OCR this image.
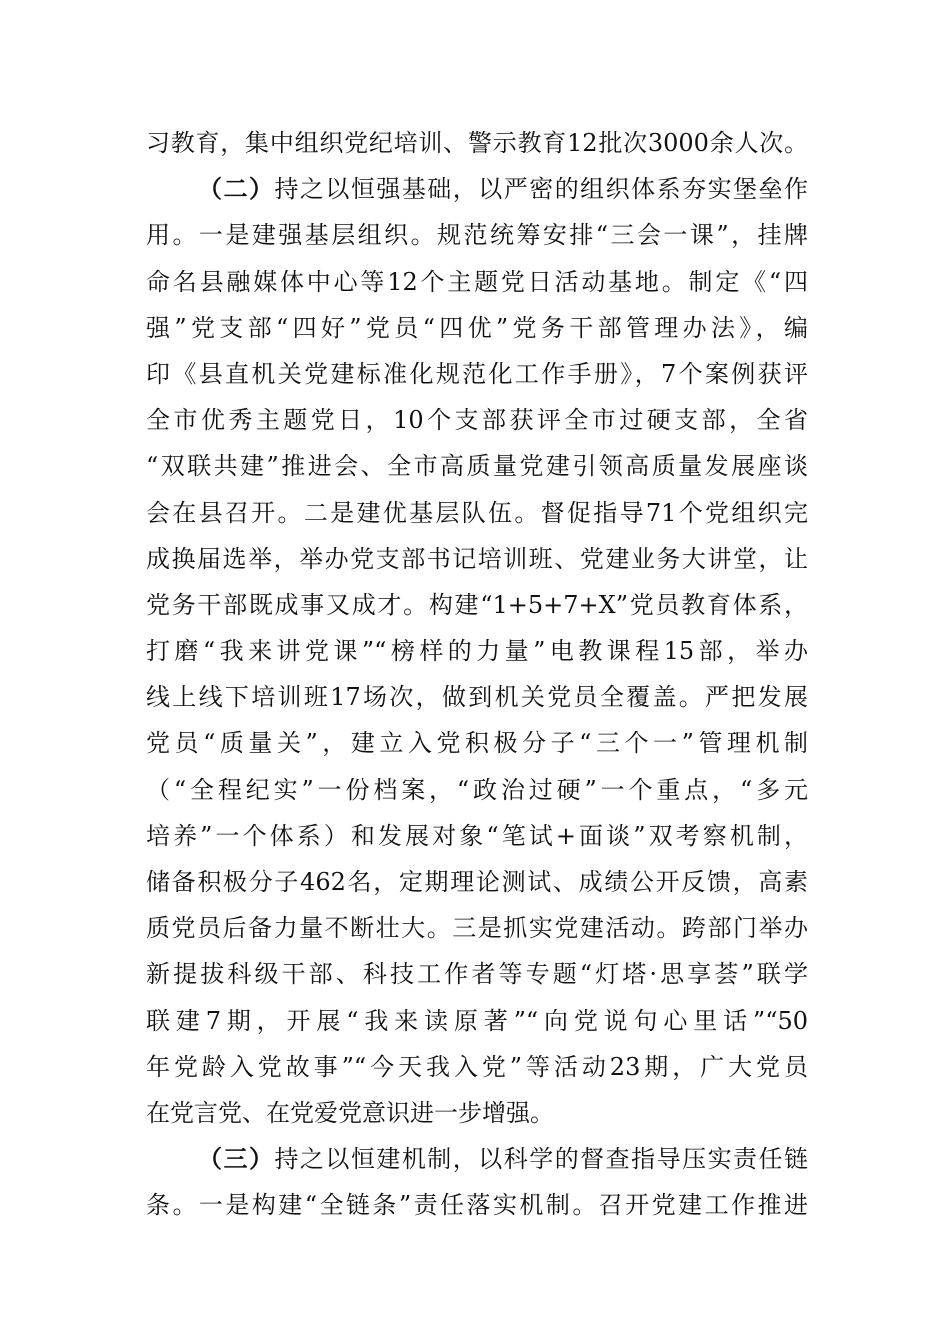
习教育，集中组织党纪培训、警示教育12批次3000余人次。
（二）持之以恒强基础，以严密的组织体系夯实堡垒作
用。一是建强基层组织。规范统筹安排“三会一课”，挂牌
命名县融媒体中心等12个主题党日活动基地。制定《“四
强”党支部“四好”党员“四优”党务干部管理办法》，编
印《县直机关党建标准化规范化工作手册》，7个案例获评
全市优秀主题党日，10个支部获评全市过硬支部，全省
“双联共建”推进会、全市高质量党建引领高质量发展座谈
会在县召开。二是建优基层队伍。督促指导71个党组织完
成换届选举，举办党支部书记培训班、党建业务大讲堂，让
党务干部既成事又成才。构建“1+5+7+X”党员教育体系，
打磨“我来讲党课”“榜样的力量”电教课程15部，举办
线上线下培训班17场次，做到机关党员全覆盖。严把发展
党员“质量关”，建立入党积极分子“三个一”管理机制
（“全程纪实”一份档案，“政治过硬”一个重点，“多元
培养”一个体系）和发展对象“笔试+面谈”双考察机制，
储备积极分子462名，定期理论测试、成绩公开反馈，高素
质党员后备力量不断壮大。三是抓实党建活动。跨部门举办
新提拔科级干部、科技工作者等专题“灯塔·思享荟”联学
联建7期，开展“我来读原著”“向党说句心里话”“50
年党龄入党故事”“今天我入党”等活动23期，广大党员
在党言党、在党爱党意识进一步增强。
（三）持之以恒建机制，以科学的督查指导压实责任链
条。一是构建“全链条”责任落实机制。召开党建工作推进
